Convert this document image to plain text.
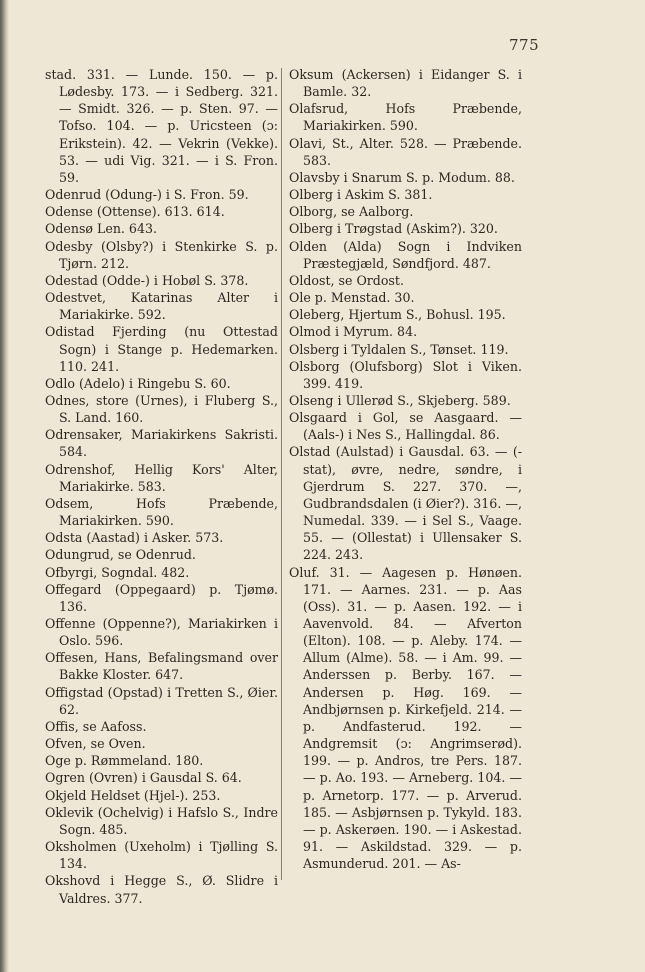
775

stad. 331. — Lunde. 150. — p. Lødesby. 173. — i Sedberg. 321. — Smidt. 326. — p. Sten. 97. — Tofso. 104. — p. Uricsteen (ɔ: Erikstein). 42. — Vekrin (Vekke). 53. — udi Vig. 321. — i S. Fron. 59.

Odenrud (Odung-) i S. Fron. 59.

Odense (Ottense). 613. 614.

Odensø Len. 643.

Odesby (Olsby?) i Stenkirke S. p. Tjørn. 212.

Odestad (Odde-) i Hobøl S. 378.

Odestvet, Katarinas Alter i Mariakirke. 592.

Odistad Fjerding (nu Ottestad Sogn) i Stange p. Hedemarken. 110. 241.

Odlo (Adelo) i Ringebu S. 60.

Odnes, store (Urnes), i Fluberg S., S. Land. 160.

Odrensaker, Mariakirkens Sakristi. 584.

Odrenshof, Hellig Kors' Alter, Mariakirke. 583.

Odsem, Hofs Præbende, Mariakirken. 590.

Odsta (Aastad) i Asker. 573.

Odungrud, se Odenrud.

Ofbyrgi, Sogndal. 482.

Offegard (Oppegaard) p. Tjømø. 136.

Offenne (Oppenne?), Mariakirken i Oslo. 596.

Offesen, Hans, Befalingsmand over Bakke Kloster. 647.

Offigstad (Opstad) i Tretten S., Øier. 62.

Offis, se Aafoss.

Ofven, se Oven.

Oge p. Rømmeland. 180.

Ogren (Ovren) i Gausdal S. 64.

Okjeld Heldset (Hjel-). 253.

Oklevik (Ochelvig) i Hafslo S., Indre Sogn. 485.

Oksholmen (Uxeholm) i Tjølling S. 134.

Okshovd i Hegge S., Ø. Slidre i Valdres. 377.

Oksum (Ackersen) i Eidanger S. i Bamle. 32.

Olafsrud, Hofs Præbende, Mariakirken. 590.

Olavi, St., Alter. 528. — Præbende. 583.

Olavsby i Snarum S. p. Modum. 88.

Olberg i Askim S. 381.

Olborg, se Aalborg.

Olberg i Trøgstad (Askim?). 320.

Olden (Alda) Sogn i Indviken Præstegjæld, Søndfjord. 487.

Oldost, se Ordost.

Ole p. Menstad. 30.

Oleberg, Hjertum S., Bohusl. 195.

Olmod i Myrum. 84.

Olsberg i Tyldalen S., Tønset. 119.

Olsborg (Olufsborg) Slot i Viken. 399. 419.

Olseng i Ullerød S., Skjeberg. 589.

Olsgaard i Gol, se Aasgaard. — (Aals-) i Nes S., Hallingdal. 86.

Olstad (Aulstad) i Gausdal. 63. — (-stat), øvre, nedre, søndre, i Gjerdrum S. 227. 370. —, Gudbrandsdalen (i Øier?). 316. —, Numedal. 339. — i Sel S., Vaage. 55. — (Ollestat) i Ullensaker S. 224. 243.

Oluf. 31. — Aagesen p. Hønøen. 171. — Aarnes. 231. — p. Aas (Oss). 31. — p. Aasen. 192. — i Aavenvold. 84. — Afverton (Elton). 108. — p. Aleby. 174. — Allum (Alme). 58. — i Am. 99. — Anderssen p. Berby. 167. — Andersen p. Høg. 169. — Andbjørnsen p. Kirkefjeld. 214. — p. Andfasterud. 192. — Andgremsit (ɔ: Angrimserød). 199. — p. Andros, tre Pers. 187. — p. Ao. 193. — Arneberg. 104. — p. Arnetorp. 177. — p. Arverud. 185. — Asbjørnsen p. Tykyld. 183. — p. Askerøen. 190. — i Askestad. 91. — Askildstad. 329. — p. Asmunderud. 201. — As-
